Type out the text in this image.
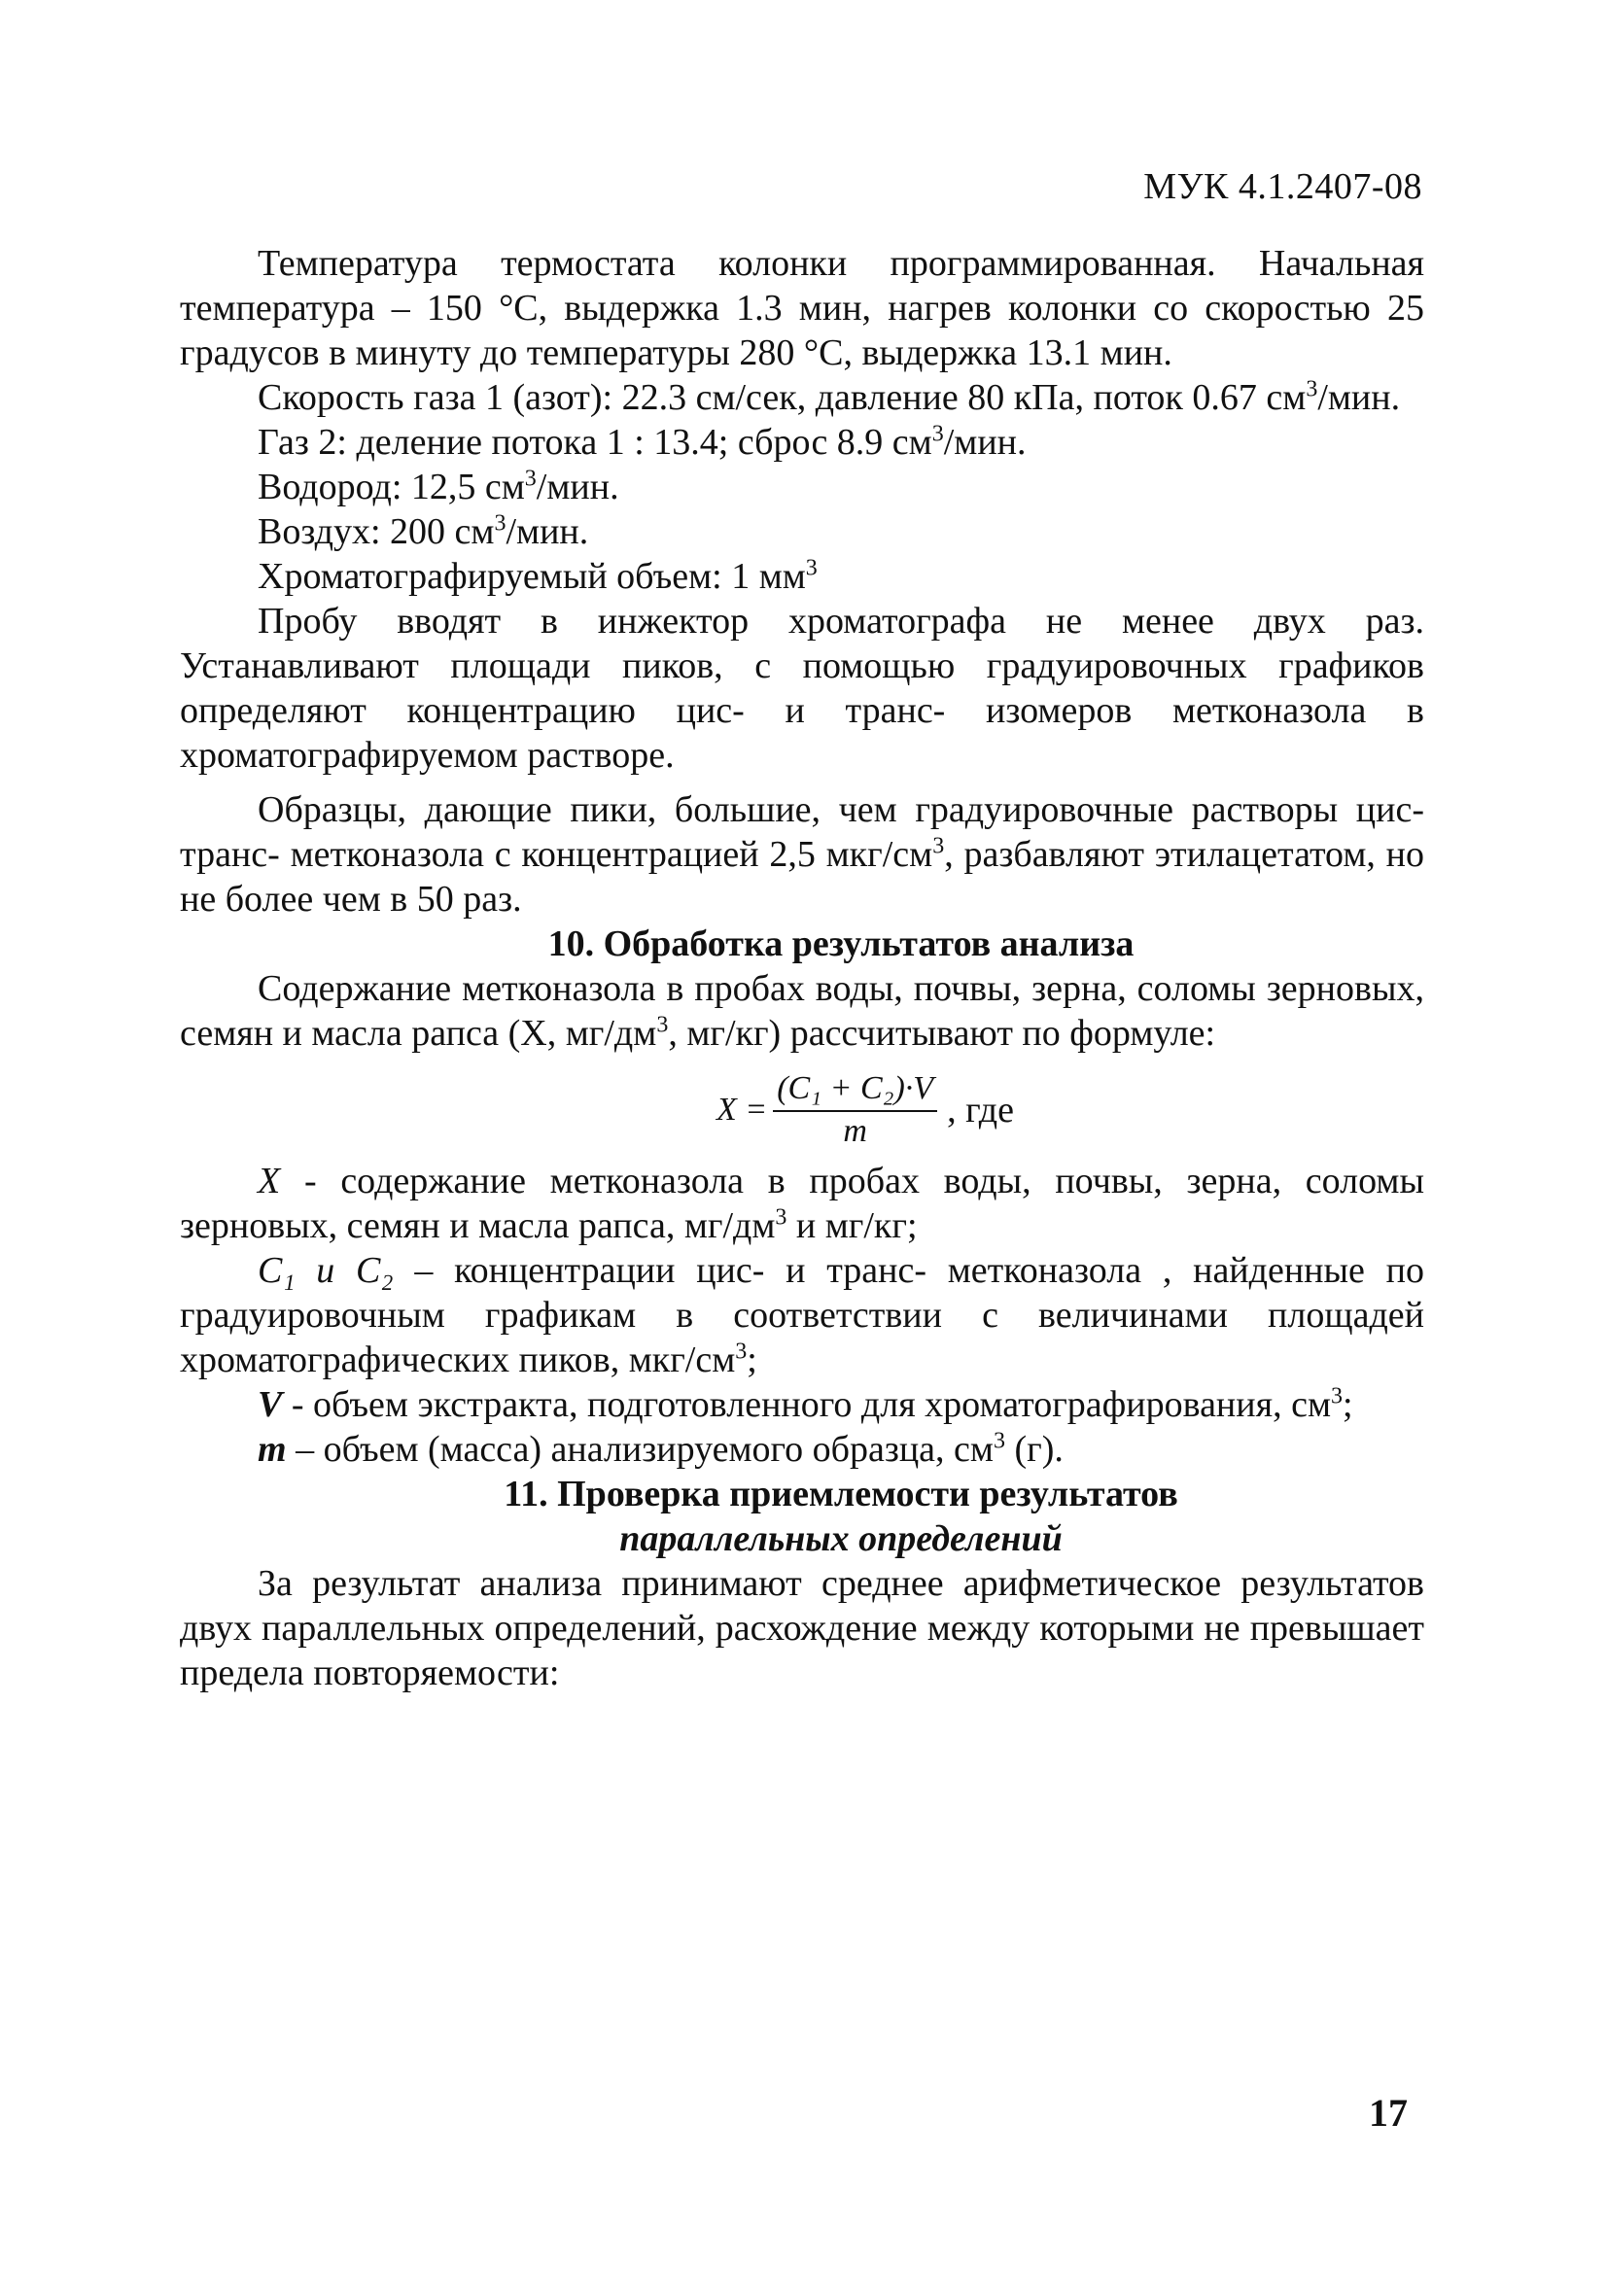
МУК 4.1.2407-08

Температура термостата колонки программированная. Начальная температура – 150 °С, выдержка 1.3 мин, нагрев колонки со скоростью 25 градусов в минуту до температуры 280 °С, выдержка 13.1 мин.

Скорость газа 1 (азот): 22.3 см/сек, давление 80 кПа, поток 0.67 $см^3$/мин.

Газ 2: деление потока 1 : 13.4; сброс 8.9 $см^3$/мин.

Водород: 12,5 $см^3$/мин.

Воздух: 200 $см^3$/мин.

Хроматографируемый объем: 1 $мм^3$

Пробу вводят в инжектор хроматографа не менее двух раз. Устанавливают площади пиков, с помощью градуировочных графиков определяют концентрацию цис- и транс- изомеров метконазола в хроматографируемом растворе.

Образцы, дающие пики, большие, чем градуировочные растворы цис- транс- метконазола с концентрацией 2,5 мкг/$см^3$, разбавляют этилацетатом, но не более чем в 50 раз.

10. Обработка результатов анализа

Содержание метконазола в пробах воды, почвы, зерна, соломы зерновых, семян и масла рапса (Х, $мг/дм^3$, мг/кг) рассчитывают по формуле:

$X = \frac{\text{(C₁ + C₂)·V}}{m}$ , где

X - содержание метконазола в пробах воды, почвы, зерна, соломы зерновых, семян и масла рапса, $мг/дм^3$ и мг/кг;

C₁ и C₂ – концентрации цис- и транс- метконазола , найденные по градуировочным графикам в соответствии с величинами площадей хроматографических пиков, мкг/$см^3$;

V - объем экстракта, подготовленного для хроматографирования, $см^3$;

m – объем (масса) анализируемого образца, $см^3$ (г).

11. Проверка приемлемости результатов
параллельных определений

За результат анализа принимают среднее арифметическое результатов двух параллельных определений, расхождение между которыми не превышает предела повторяемости:

17
